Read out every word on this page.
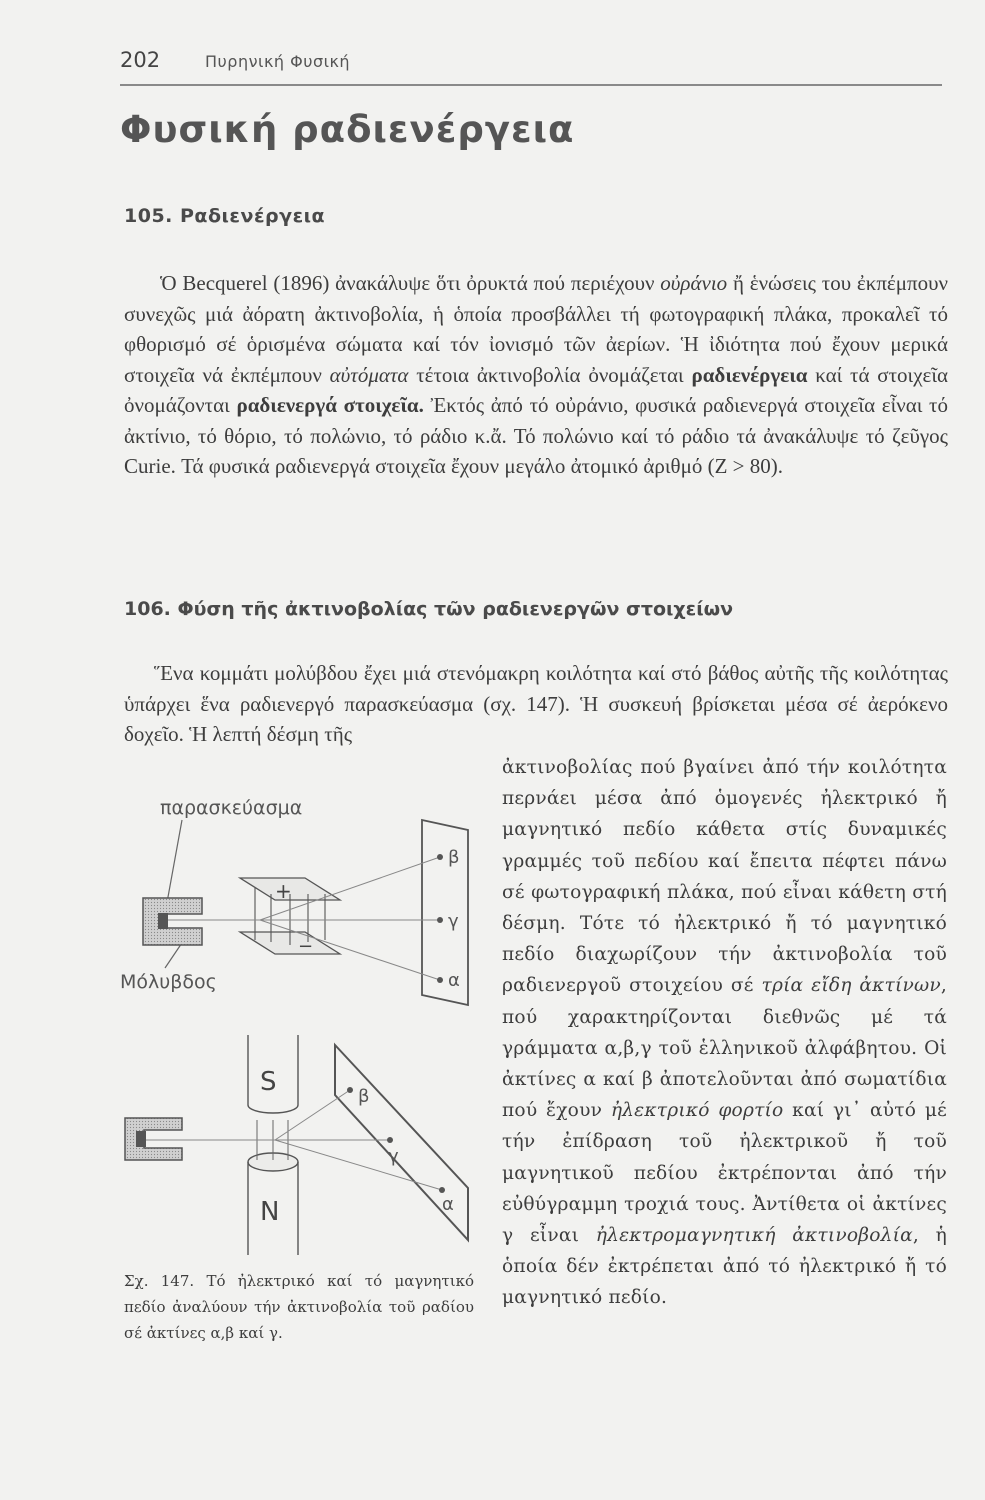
202	Πυρηνική Φυσική
Φυσική ραδιενέργεια
105. Ραδιενέργεια
Ὁ Becquerel (1896) ἀνακάλυψε ὅτι ὀρυκτά πού περιέχουν οὐράνιο ἤ ἑνώσεις του ἐκπέμπουν συνεχῶς μιά ἀόρατη ἀκτινοβολία, ἡ ὁποία προσβάλλει τή φωτογραφική πλάκα, προκαλεῖ τό φθορισμό σέ ὁρισμένα σώματα καί τόν ἰονισμό τῶν ἀερίων. Ἡ ἰδιότητα πού ἔχουν μερικά στοιχεῖα νά ἐκπέμπουν αὐτόματα τέτοια ἀκτινοβολία ὀνομάζεται ραδιενέργεια καί τά στοιχεῖα ὀνομάζονται ραδιενεργά στοιχεῖα. Ἐκτός ἀπό τό οὐράνιο, φυσικά ραδιενεργά στοιχεῖα εἶναι τό ἀκτίνιο, τό θόριο, τό πολώνιο, τό ράδιο κ.ἄ. Τό πολώνιο καί τό ράδιο τά ἀνακάλυψε τό ζεῦγος Curie. Τά φυσικά ραδιενεργά στοιχεῖα ἔχουν μεγάλο ἀτομικό ἀριθμό (Z > 80).
106. Φύση τῆς ἀκτινοβολίας τῶν ραδιενεργῶν στοιχείων
Ἕνα κομμάτι μολύβδου ἔχει μιά στενόμακρη κοιλότητα καί στό βάθος αὐτῆς τῆς κοιλότητας ὑπάρχει ἕνα ραδιενεργό παρασκεύασμα (σχ. 147). Ἡ συσκευή βρίσκεται μέσα σέ ἀερόκενο δοχεῖο. Ἡ λεπτή δέσμη τῆς
ἀκτινοβολίας πού βγαίνει ἀπό τήν κοιλότητα περνάει μέσα ἀπό ὁμογενές ἠλεκτρικό ἤ μαγνητικό πεδίο κάθετα στίς δυναμικές γραμμές τοῦ πεδίου καί ἔπειτα πέφτει πάνω σέ φωτογραφική πλάκα, πού εἶναι κάθετη στή δέσμη. Τότε τό ἠλεκτρικό ἤ τό μαγνητικό πεδίο διαχωρίζουν τήν ἀκτινοβολία τοῦ ραδιενεργοῦ στοιχείου σέ τρία εἴδη ἀκτίνων, πού χαρακτηρίζονται διεθνῶς μέ τά γράμματα α,β,γ τοῦ ἑλληνικοῦ ἀλφάβητου. Οἱ ἀκτίνες α καί β ἀποτελοῦνται ἀπό σωματίδια πού ἔχουν ἠλεκτρικό φορτίο καί γι᾿ αὐτό μέ τήν ἐπίδραση τοῦ ἠλεκτρικοῦ ἤ τοῦ μαγνητικοῦ πεδίου ἐκτρέπονται ἀπό τήν εὐθύγραμμη τροχιά τους. Ἀντίθετα οἱ ἀκτίνες γ εἶναι ἠλεκτρομαγνητική ἀκτινοβολία, ἡ ὁποία δέν ἐκτρέπεται ἀπό τό ἠλεκτρικό ἤ τό μαγνητικό πεδίο.
παρασκεύασμα
Μόλυβδος
+
−
β
γ
α
S
N
β
γ
α
Σχ. 147. Τό ἠλεκτρικό καί τό μαγνητικό πεδίο ἀναλύουν τήν ἀκτινοβολία τοῦ ραδίου σέ ἀκτίνες α,β καί γ.
